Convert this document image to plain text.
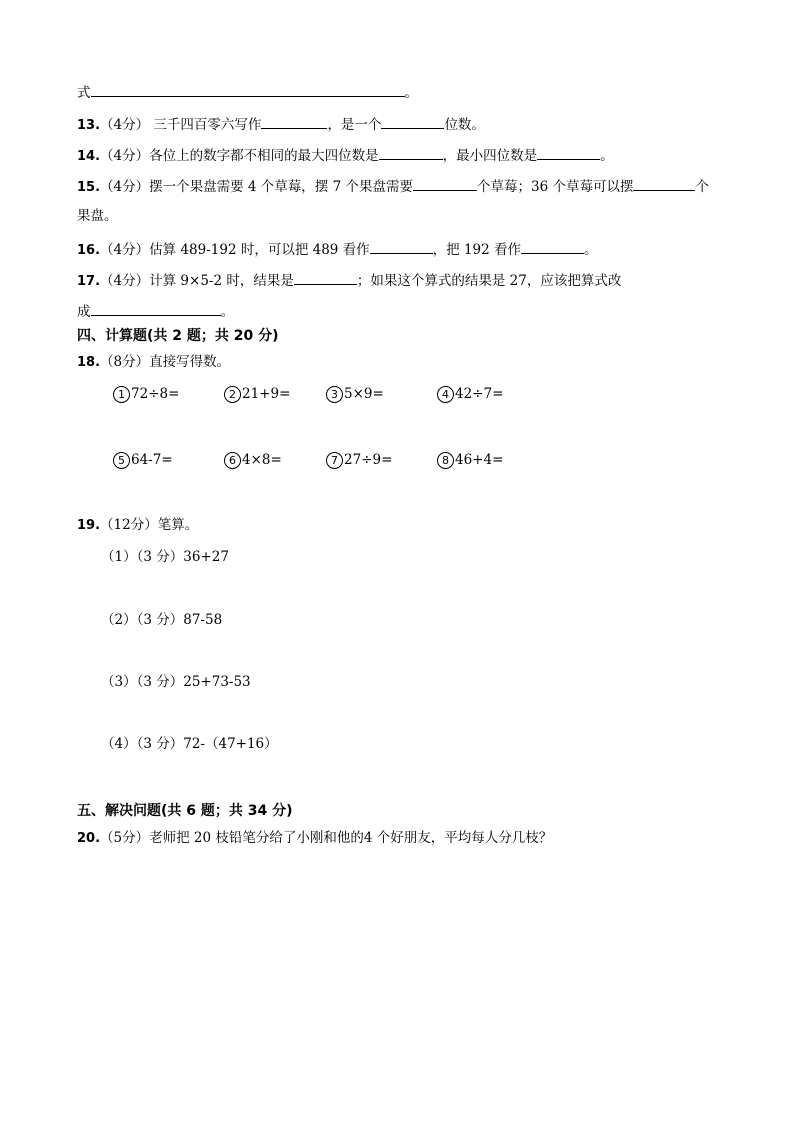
式	。
13.（4分） 三千四百零六写作	，是一个	位数。
14.（4分）各位上的数字都不相同的最大四位数是	，最小四位数是	。
15.（4分）摆一个果盘需要 4 个草莓，摆 7 个果盘需要	个草莓；36 个草莓可以摆	个
果盘。
16.（4分）估算 489-192 时，可以把 489 看作	，把 192 看作	。
17.（4分）计算 9×5-2 时，结果是	；如果这个算式的结果是 27，应该把算式改
成	。
四、计算题(共 2 题；共 20 分)
18.（8分）直接写得数。
1 72÷8=	2 21+9=	3 5×9=	4 42÷7=
5 64-7=	6 4×8=	7 27÷9=	8 46+4=
19.（12分）笔算。
（1）（3 分）36+27
（2）（3 分）87-58
（3）（3 分）25+73-53
（4）（3 分）72-（47+16）
五、解决问题(共 6 题；共 34 分)
20.（5分）老师把 20 枝铅笔分给了小刚和他的4 个好朋友，平均每人分几枝？
